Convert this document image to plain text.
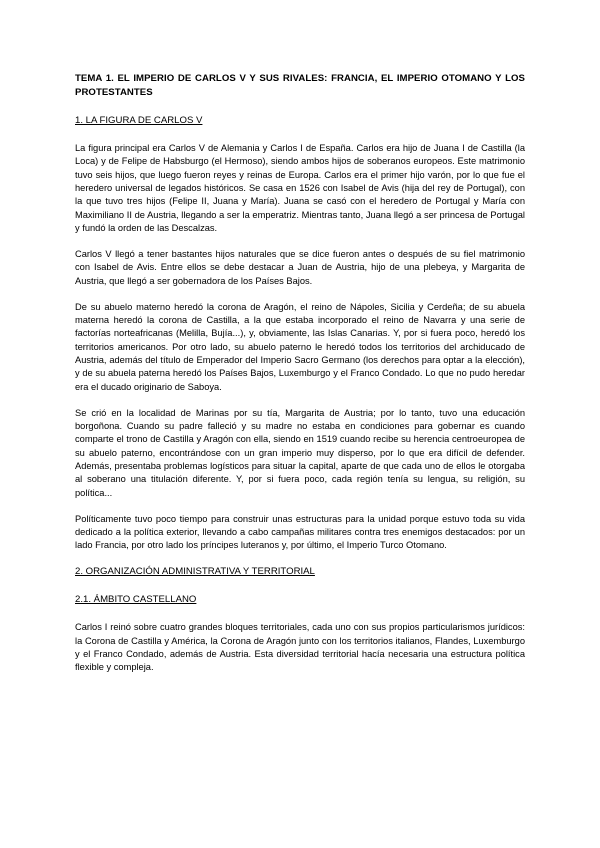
TEMA 1. EL IMPERIO DE CARLOS V Y SUS RIVALES: FRANCIA, EL IMPERIO OTOMANO Y LOS PROTESTANTES
1. LA FIGURA DE CARLOS V

La figura principal era Carlos V de Alemania y Carlos I de España. Carlos era hijo de Juana I de Castilla (la Loca) y de Felipe de Habsburgo (el Hermoso), siendo ambos hijos de soberanos europeos. Este matrimonio tuvo seis hijos, que luego fueron reyes y reinas de Europa. Carlos era el primer hijo varón, por lo que fue el heredero universal de legados históricos. Se casa en 1526 con Isabel de Avis (hija del rey de Portugal), con la que tuvo tres hijos (Felipe II, Juana y María). Juana se casó con el heredero de Portugal y María con Maximiliano II de Austria, llegando a ser la emperatriz. Mientras tanto, Juana llegó a ser princesa de Portugal y fundó la orden de las Descalzas.

Carlos V llegó a tener bastantes hijos naturales que se dice fueron antes o después de su fiel matrimonio con Isabel de Avis. Entre ellos se debe destacar a Juan de Austria, hijo de una plebeya, y Margarita de Austria, que llegó a ser gobernadora de los Países Bajos.

De su abuelo materno heredó la corona de Aragón, el reino de Nápoles, Sicilia y Cerdeña; de su abuela materna heredó la corona de Castilla, a la que estaba incorporado el reino de Navarra y una serie de factorías norteafricanas (Melilla, Bujía...), y, obviamente, las Islas Canarias. Y, por si fuera poco, heredó los territorios americanos. Por otro lado, su abuelo paterno le heredó todos los territorios del archiducado de Austria, además del título de Emperador del Imperio Sacro Germano (los derechos para optar a la elección), y de su abuela paterna heredó los Países Bajos, Luxemburgo y el Franco Condado. Lo que no pudo heredar era el ducado originario de Saboya.

Se crió en la localidad de Marinas por su tía, Margarita de Austria; por lo tanto, tuvo una educación borgoñona. Cuando su padre falleció y su madre no estaba en condiciones para gobernar es cuando comparte el trono de Castilla y Aragón con ella, siendo en 1519 cuando recibe su herencia centroeuropea de su abuelo paterno, encontrándose con un gran imperio muy disperso, por lo que era difícil de defender. Además, presentaba problemas logísticos para situar la capital, aparte de que cada uno de ellos le otorgaba al soberano una titulación diferente. Y, por si fuera poco, cada región tenía su lengua, su religión, su política...

Políticamente tuvo poco tiempo para construir unas estructuras para la unidad porque estuvo toda su vida dedicado a la política exterior, llevando a cabo campañas militares contra tres enemigos destacados: por un lado Francia, por otro lado los príncipes luteranos y, por último, el Imperio Turco Otomano.

2. ORGANIZACIÓN ADMINISTRATIVA Y TERRITORIAL
2.1. ÁMBITO CASTELLANO

Carlos I reinó sobre cuatro grandes bloques territoriales, cada uno con sus propios particularismos jurídicos: la Corona de Castilla y América, la Corona de Aragón junto con los territorios italianos, Flandes, Luxemburgo y el Franco Condado, además de Austria. Esta diversidad territorial hacía necesaria una estructura política flexible y compleja.
